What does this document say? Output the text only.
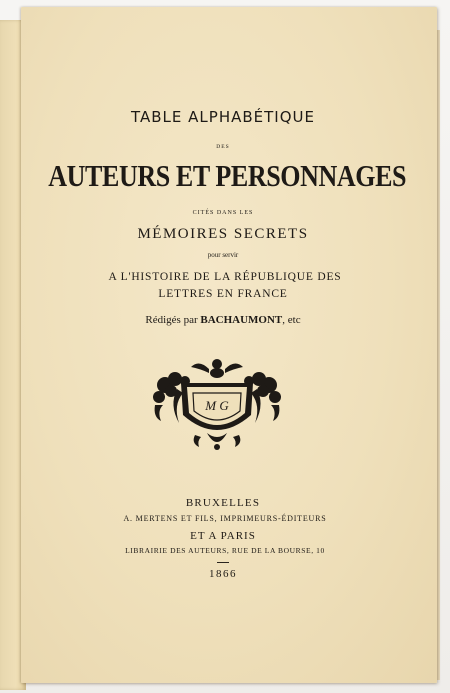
TABLE ALPHABÉTIQUE
DES
AUTEURS ET PERSONNAGES
CITÉS DANS LES
MÉMOIRES SECRETS
pour servir
A L'HISTOIRE DE LA RÉPUBLIQUE DES
LETTRES EN FRANCE
Rédigés par BACHAUMONT, etc
M G
BRUXELLES
A. MERTENS ET FILS, IMPRIMEURS-ÉDITEURS
ET A PARIS
LIBRAIRIE DES AUTEURS, RUE DE LA BOURSE, 10
1866
